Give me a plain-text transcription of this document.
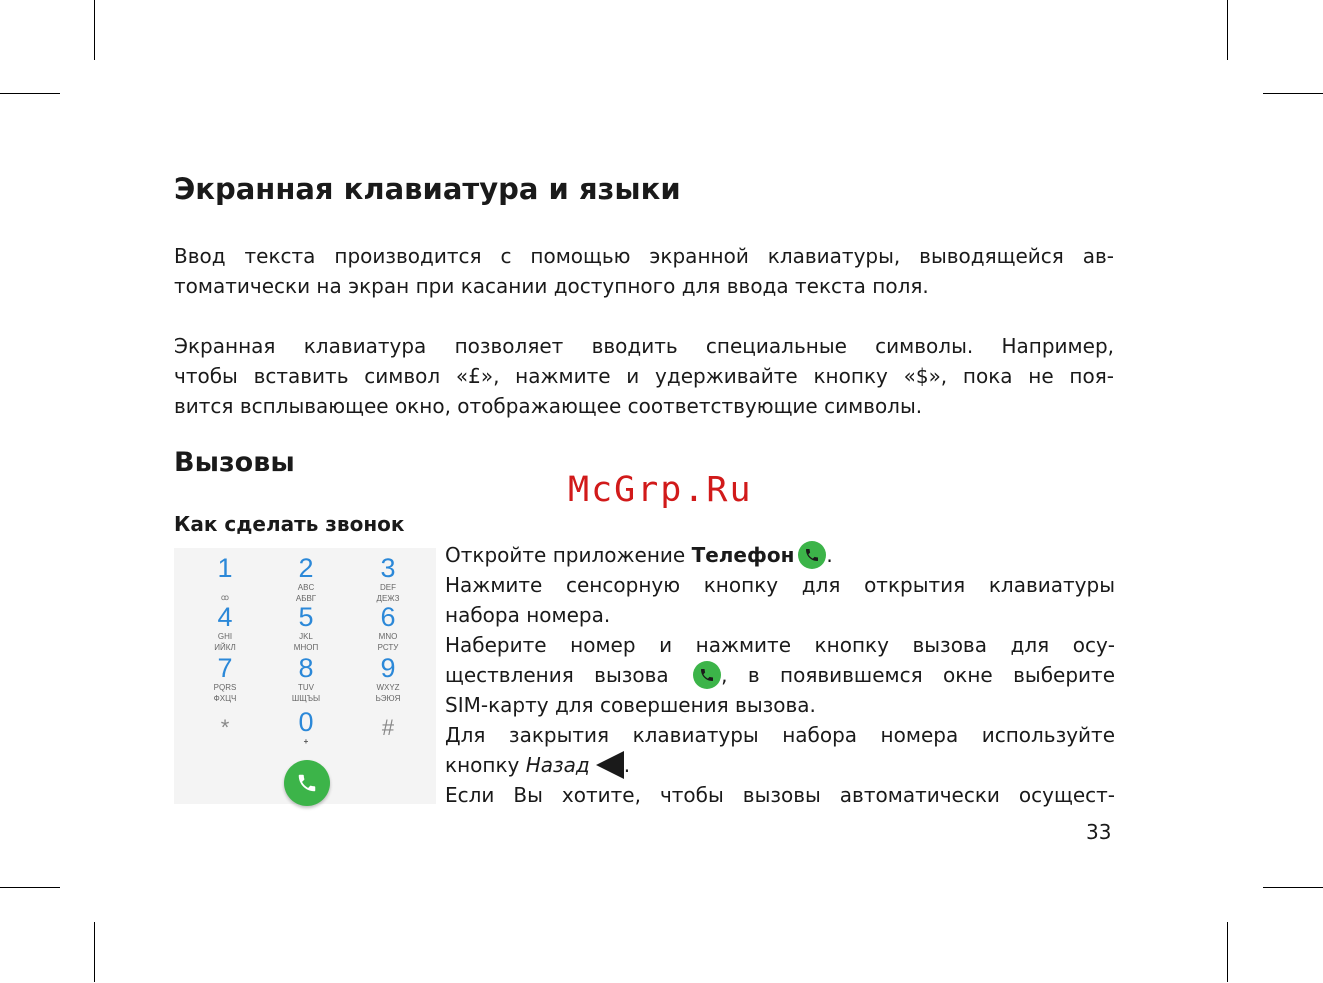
Экранная клавиатура и языки

Ввод текста производится с помощью экранной клавиатуры, выводящейся ав-
томатически на экран при касании доступного для ввода текста поля.

Экранная клавиатура позволяет вводить специальные символы. Например,
чтобы вставить символ «£», нажмите и удерживайте кнопку «$», пока не поя-
вится всплывающее окно, отображающее соответствующие символы.

Вызовы
McGrp.Ru
Как сделать звонок
1	2
ABC
АБВГ
3
DEF
ДЕЖЗ
ꝏ
4
GHI
ИЙКЛ
5
JKL
МНОП
6
MNO
РСТУ
7
PQRS
ФХЦЧ
8
TUV
ШЩЪЫ
9
WXYZ
ЬЭЮЯ
*	0
+
#
Откройте приложение Телефон .
Нажмите сенсорную кнопку для открытия клавиатуры
набора номера.
Наберите номер и нажмите кнопку вызова для осу-
ществления вызова
, в появившемся окне выберите
SIM-карту для совершения вызова.
Для закрытия клавиатуры набора номера используйте
кнопку Назад .
Если Вы хотите, чтобы вызовы автоматически осущест-
33
